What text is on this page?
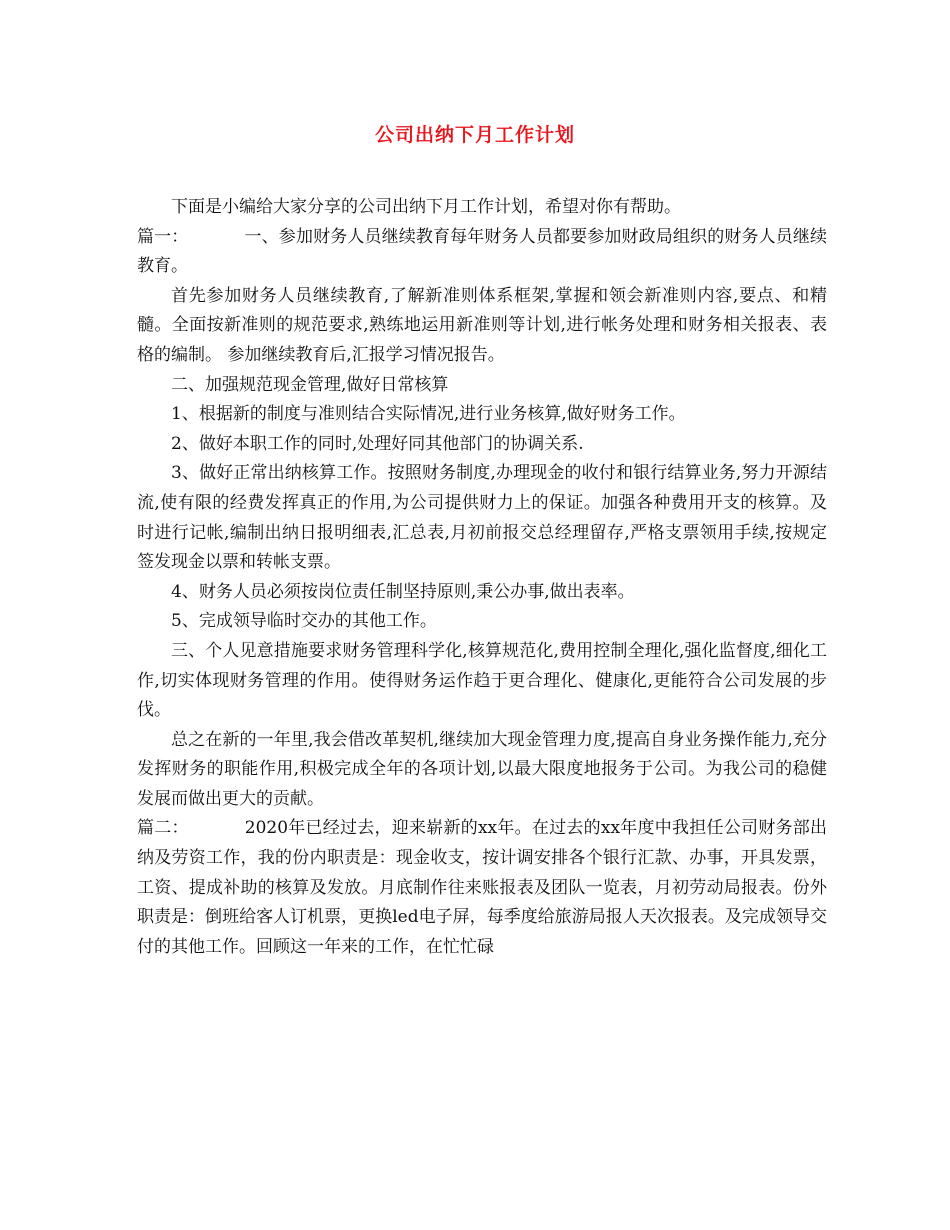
公司出纳下月工作计划

下面是小编给大家分享的公司出纳下月工作计划，希望对你有帮助。

篇一：	一、参加财务人员继续教育每年财务人员都要参加财政局组织的财务人员继续教育。

首先参加财务人员继续教育,了解新准则体系框架,掌握和领会新准则内容,要点、和精髓。全面按新准则的规范要求,熟练地运用新准则等计划,进行帐务处理和财务相关报表、表格的编制。 参加继续教育后,汇报学习情况报告。

二、加强规范现金管理,做好日常核算

1、根据新的制度与准则结合实际情况,进行业务核算,做好财务工作。

2、做好本职工作的同时,处理好同其他部门的协调关系.

3、做好正常出纳核算工作。按照财务制度,办理现金的收付和银行结算业务,努力开源结流,使有限的经费发挥真正的作用,为公司提供财力上的保证。加强各种费用开支的核算。及时进行记帐,编制出纳日报明细表,汇总表,月初前报交总经理留存,严格支票领用手续,按规定签发现金以票和转帐支票。

4、财务人员必须按岗位责任制坚持原则,秉公办事,做出表率。

5、完成领导临时交办的其他工作。

三、个人见意措施要求财务管理科学化,核算规范化,费用控制全理化,强化监督度,细化工作,切实体现财务管理的作用。使得财务运作趋于更合理化、健康化,更能符合公司发展的步伐。

总之在新的一年里,我会借改革契机,继续加大现金管理力度,提高自身业务操作能力,充分发挥财务的职能作用,积极完成全年的各项计划,以最大限度地报务于公司。为我公司的稳健发展而做出更大的贡献。

篇二：	2020年已经过去，迎来崭新的xx年。在过去的xx年度中我担任公司财务部出纳及劳资工作，我的份内职责是：现金收支，按计调安排各个银行汇款、办事，开具发票，工资、提成补助的核算及发放。月底制作往来账报表及团队一览表，月初劳动局报表。份外职责是：倒班给客人订机票，更换led电子屏，每季度给旅游局报人天次报表。及完成领导交付的其他工作。回顾这一年来的工作，在忙忙碌
